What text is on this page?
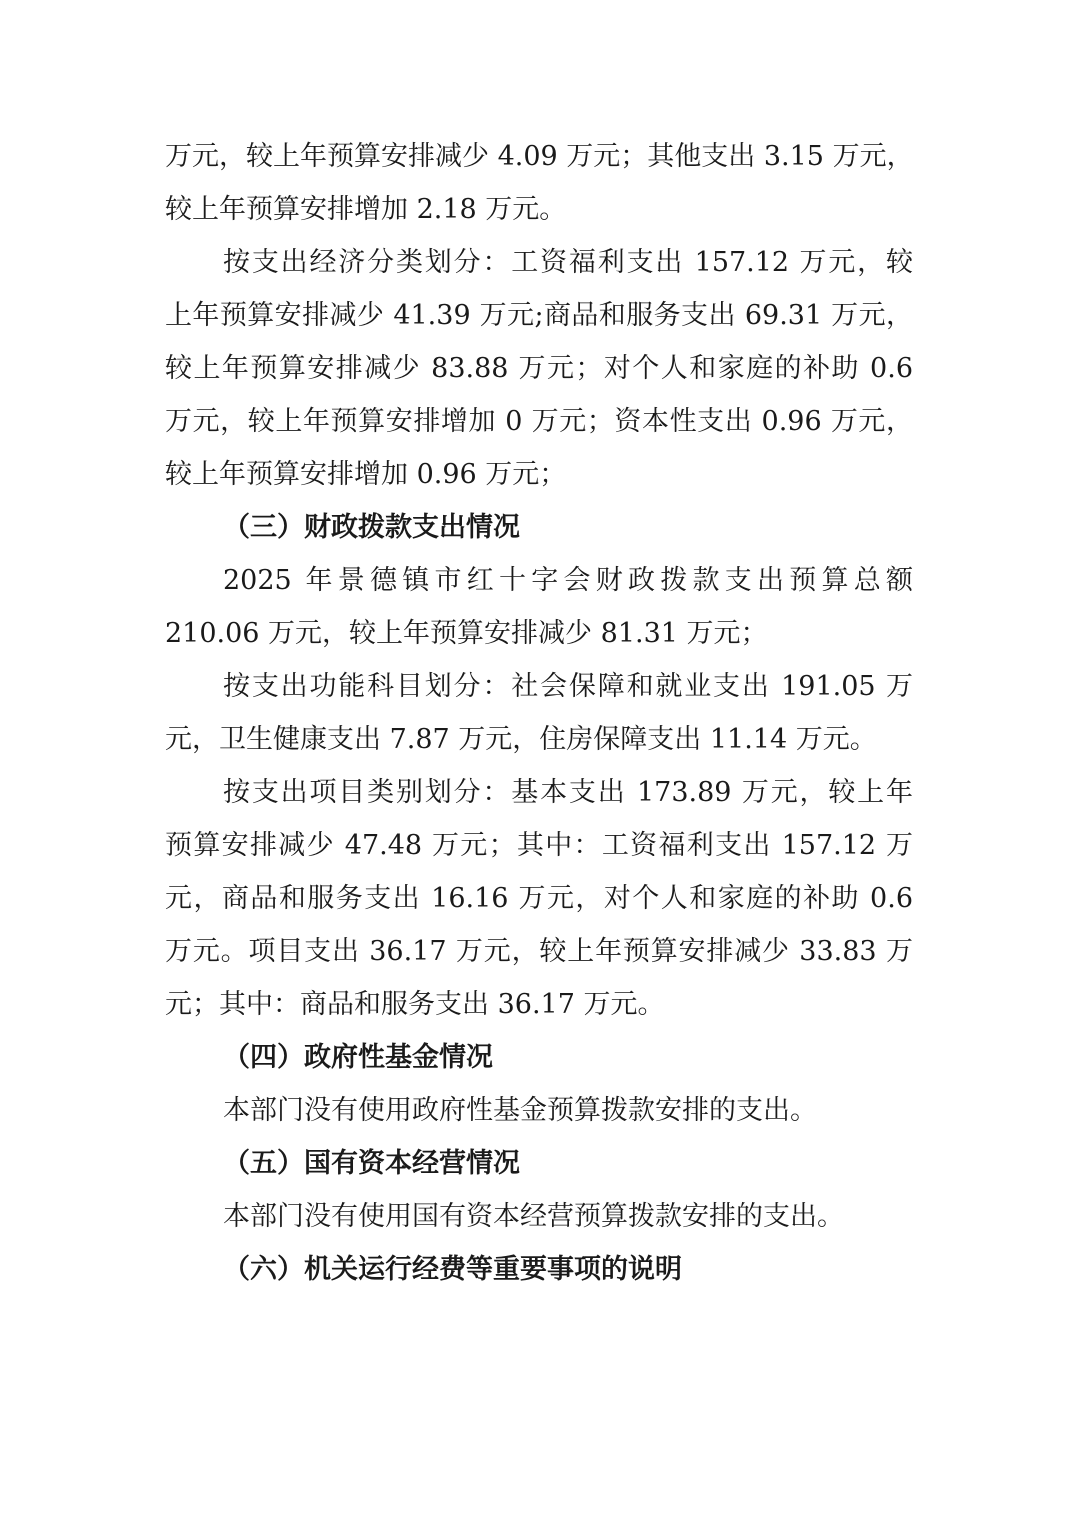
万元，较上年预算安排减少 4.09 万元；其他支出 3.15 万元，
较上年预算安排增加 2.18 万元。
按支出经济分类划分：工资福利支出 157.12 万元，较
上年预算安排减少 41.39 万元;商品和服务支出 69.31 万元，
较上年预算安排减少 83.88 万元；对个人和家庭的补助 0.6
万元，较上年预算安排增加 0 万元；资本性支出 0.96 万元，
较上年预算安排增加 0.96 万元；
（三）财政拨款支出情况
2025 年景德镇市红十字会财政拨款支出预算总额
210.06 万元，较上年预算安排减少 81.31 万元；
按支出功能科目划分：社会保障和就业支出 191.05 万
元，卫生健康支出 7.87 万元，住房保障支出 11.14 万元。
按支出项目类别划分：基本支出 173.89 万元，较上年
预算安排减少 47.48 万元；其中：工资福利支出 157.12 万
元，商品和服务支出 16.16 万元，对个人和家庭的补助 0.6
万元。项目支出 36.17 万元，较上年预算安排减少 33.83 万
元；其中：商品和服务支出 36.17 万元。
（四）政府性基金情况
本部门没有使用政府性基金预算拨款安排的支出。
（五）国有资本经营情况
本部门没有使用国有资本经营预算拨款安排的支出。
（六）机关运行经费等重要事项的说明
